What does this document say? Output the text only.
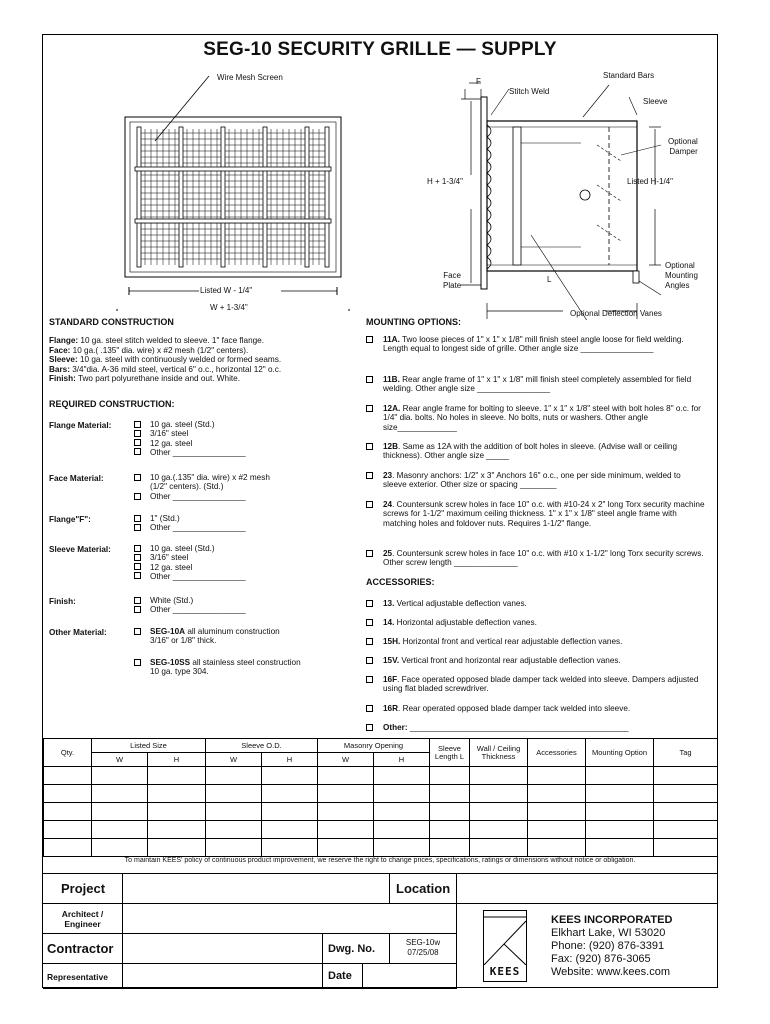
SEG-10 SECURITY GRILLE — SUPPLY
Wire Mesh Screen
Listed W - 1/4"
W + 1-3/4"
F
Stitch Weld
Standard Bars
Sleeve
Optional
Damper
H + 1-3/4"	Listed H-1/4"
Face
Plate
L
Optional
Mounting
Angles
Optional Deflection Vanes
STANDARD CONSTRUCTION
Flange: 10 ga. steel stitch welded to sleeve. 1" face flange.
Face: 10 ga.( .135" dia. wire) x #2 mesh (1/2" centers).
Sleeve: 10 ga. steel with continuously welded or formed seams.
Bars: 3/4"dia. A-36 mild steel, vertical 6" o.c., horizontal 12" o.c.
Finish: Two part polyurethane inside and out. White.
REQUIRED CONSTRUCTION:
Flange Material:	10 ga. steel (Std.)
3/16" steel
12 ga. steel
Other ________________
Face Material:	10 ga.(.135" dia. wire) x #2 mesh
(1/2" centers). (Std.)
Other ________________
Flange"F":	1" (Std.)
Other ________________
Sleeve Material:	10 ga. steel (Std.)
3/16" steel
12 ga. steel
Other ________________
Finish:	White (Std.)
Other ________________
Other Material:	SEG-10A all aluminum construction
3/16" or 1/8" thick.
SEG-10SS all stainless steel construction
10 ga. type 304.
MOUNTING OPTIONS:
11A. Two loose pieces of 1" x 1" x 1/8" mill finish steel angle loose for field welding. Length equal to longest side of grille. Other angle size ________________
11B. Rear angle frame of 1" x 1" x 1/8" mill finish steel completely assembled for field welding. Other angle size ________________
12A. Rear angle frame for bolting to sleeve. 1" x 1" x 1/8" steel with bolt holes 8" o.c. for 1/4" dia. bolts. No holes in sleeve. No bolts, nuts or washers. Other angle size_____________
12B. Same as 12A with the addition of bolt holes in sleeve. (Advise wall or ceiling thickness). Other angle size _____
23. Masonry anchors: 1/2" x 3" Anchors 16" o.c., one per side minimum, welded to sleeve exterior. Other size or spacing ________
24. Countersunk screw holes in face 10" o.c. with #10-24 x 2" long Torx security machine screws for 1-1/2" maximum ceiling thickness. 1" x 1" x 1/8" steel angle frame with matching holes and foldover nuts. Requires 1-1/2" flange.
25. Countersunk screw holes in face 10" o.c. with #10 x 1-1/2" long Torx security screws. Other screw length ______________
ACCESSORIES:
13. Vertical adjustable deflection vanes.
14. Horizontal adjustable deflection vanes.
15H. Horizontal front and vertical rear adjustable deflection vanes.
15V. Vertical front and horizontal rear adjustable deflection vanes.
16F. Face operated opposed blade damper tack welded into sleeve. Dampers adjusted using flat bladed screwdriver.
16R. Rear operated opposed blade damper tack welded into sleeve.
Other: ________________________________________________
Qty.	Listed Size		Sleeve O.D.		Masonry Opening		Sleeve Length L	Wall / Ceiling Thickness	Accessories	Mounting Option	Tag
	W	H	W	H	W	H					

To maintain KEES' policy of continuous product improvement, we reserve the right to change prices, specifications, ratings or dimensions without notice or obligation.
Project	Location
Architect / Engineer
Contractor	Dwg. No.
SEG-10w
07/25/08
Representative	Date	KEES
KEES INCORPORATED
Elkhart Lake, WI 53020
Phone: (920) 876-3391
Fax: (920) 876-3065
Website: www.kees.com
